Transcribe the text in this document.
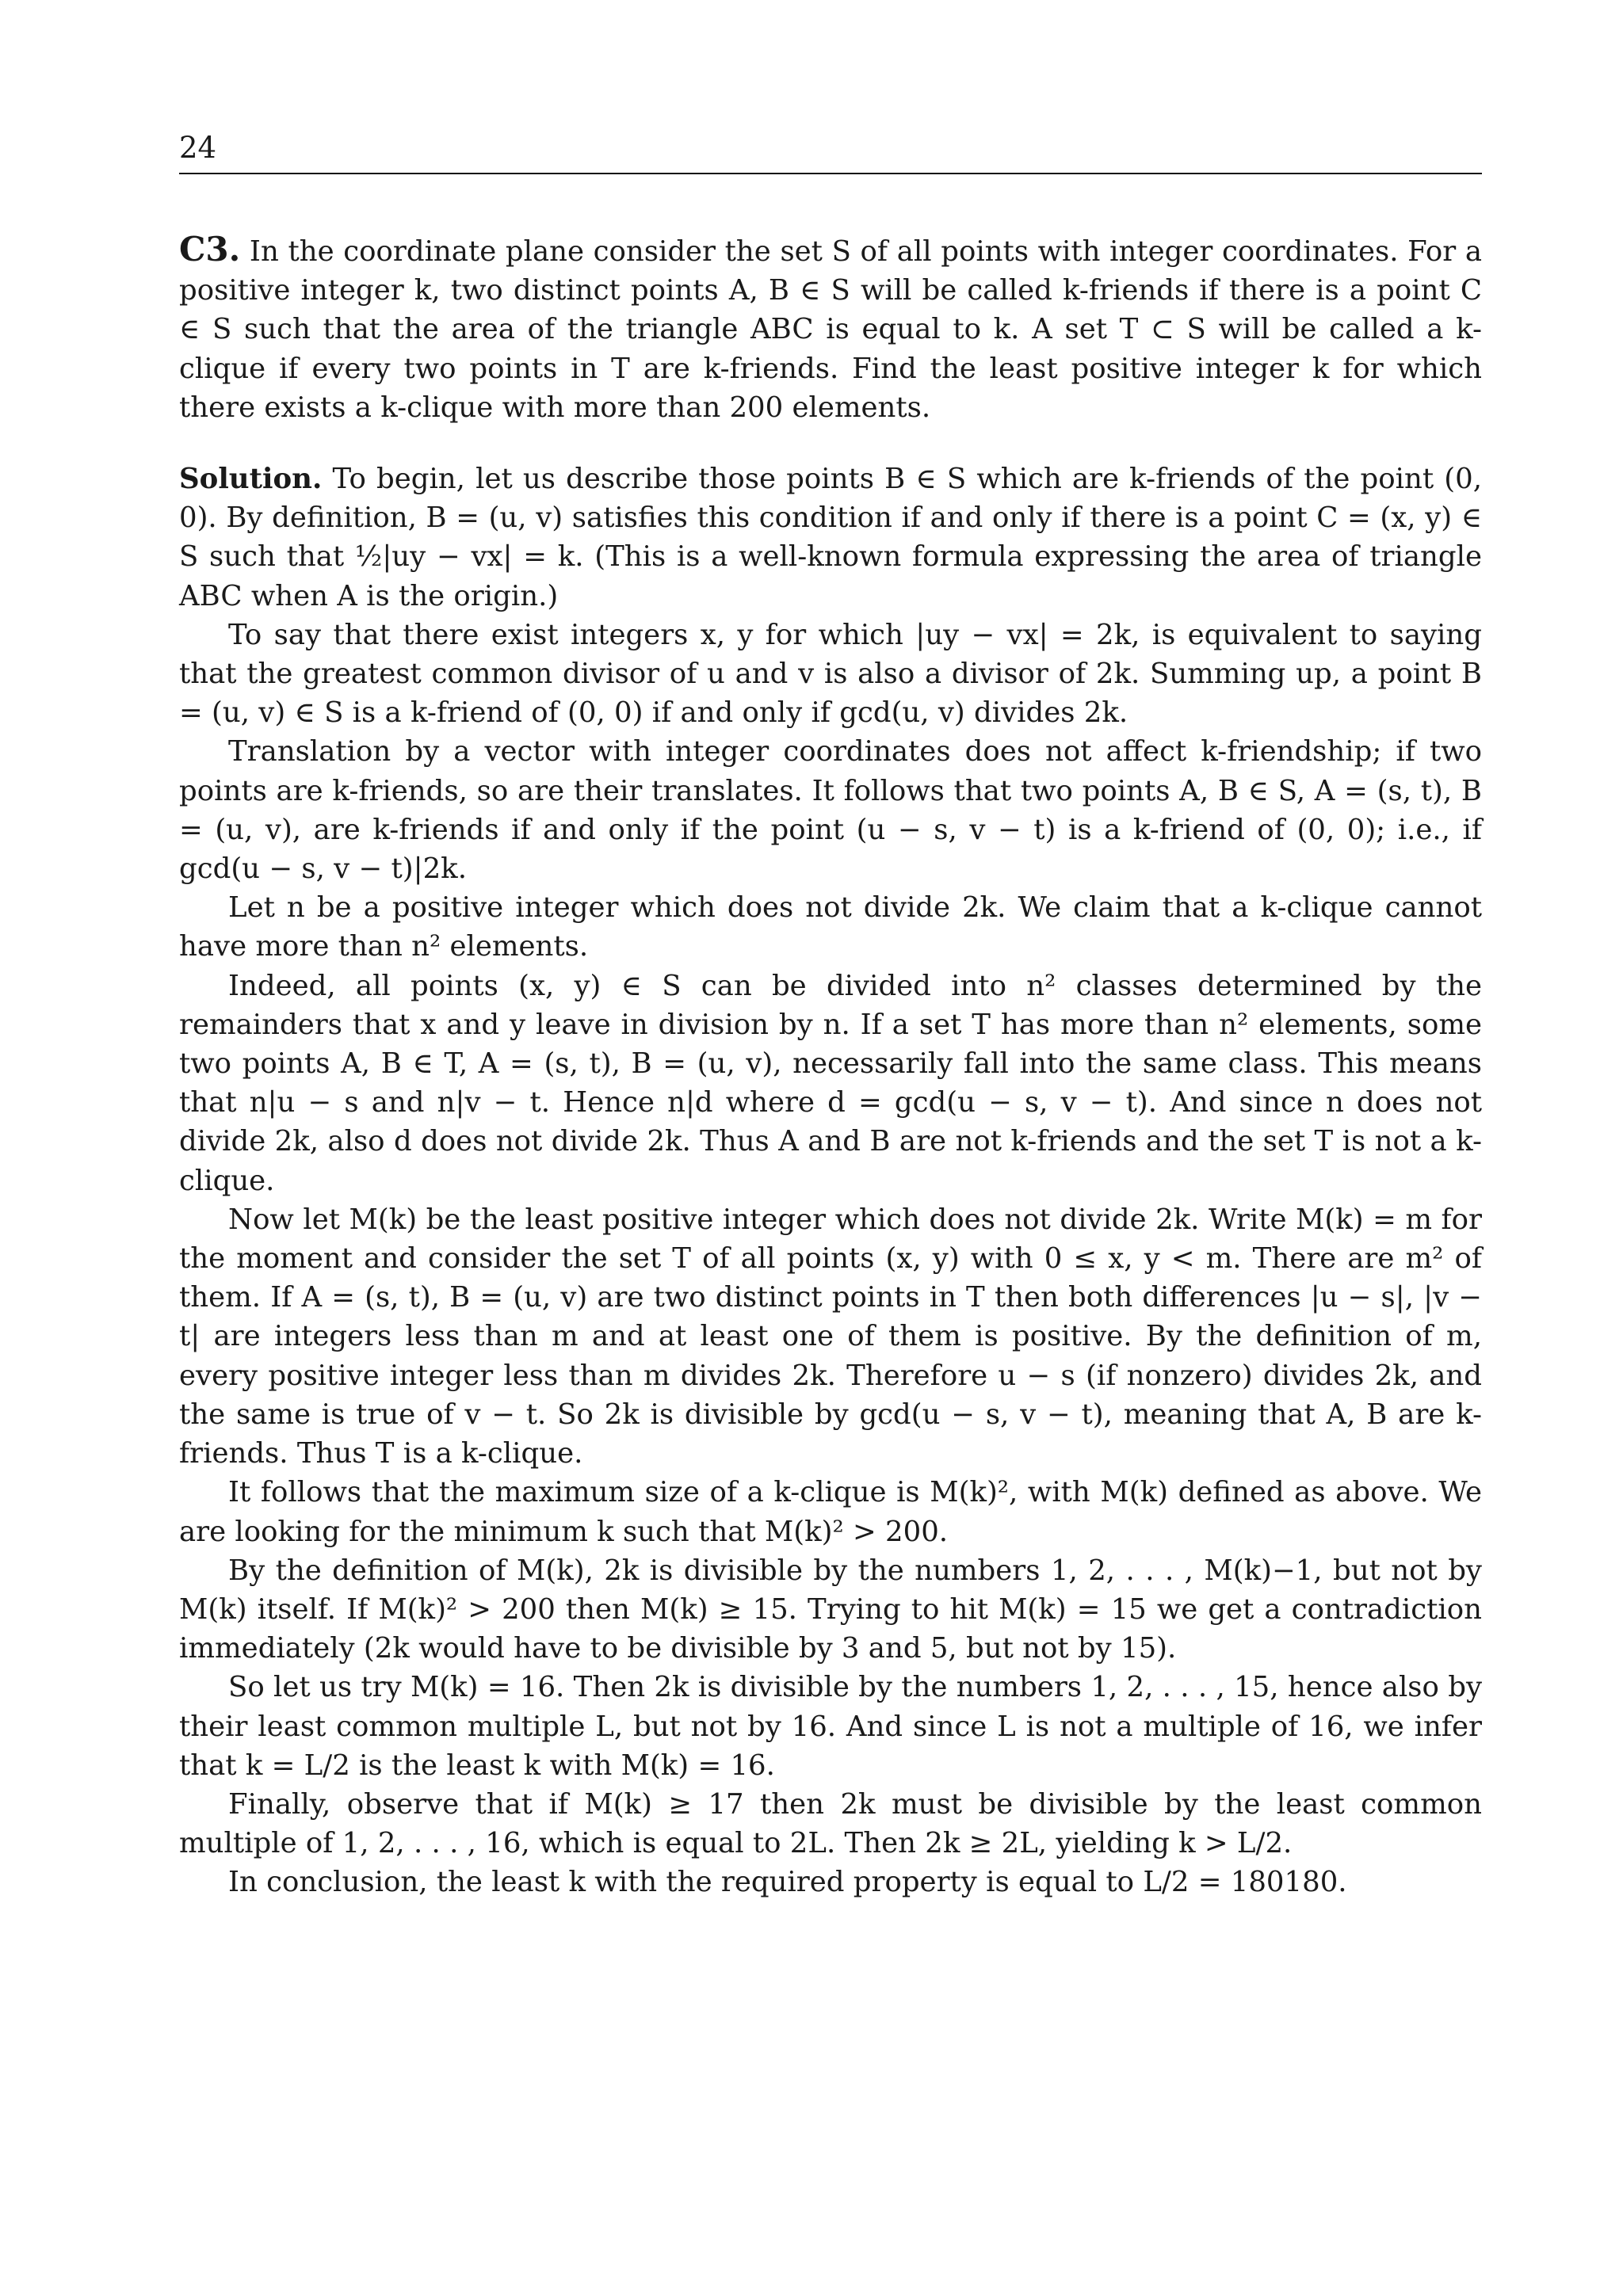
24

C3. In the coordinate plane consider the set S of all points with integer coordinates. For a positive integer k, two distinct points A, B ∈ S will be called k-friends if there is a point C ∈ S such that the area of the triangle ABC is equal to k. A set T ⊂ S will be called a k-clique if every two points in T are k-friends. Find the least positive integer k for which there exists a k-clique with more than 200 elements.

Solution. To begin, let us describe those points B ∈ S which are k-friends of the point (0, 0). By definition, B = (u, v) satisfies this condition if and only if there is a point C = (x, y) ∈ S such that ½|uy − vx| = k. (This is a well-known formula expressing the area of triangle ABC when A is the origin.)

To say that there exist integers x, y for which |uy − vx| = 2k, is equivalent to saying that the greatest common divisor of u and v is also a divisor of 2k. Summing up, a point B = (u, v) ∈ S is a k-friend of (0, 0) if and only if gcd(u, v) divides 2k.

Translation by a vector with integer coordinates does not affect k-friendship; if two points are k-friends, so are their translates. It follows that two points A, B ∈ S, A = (s, t), B = (u, v), are k-friends if and only if the point (u − s, v − t) is a k-friend of (0, 0); i.e., if gcd(u − s, v − t)|2k.

Let n be a positive integer which does not divide 2k. We claim that a k-clique cannot have more than n² elements.

Indeed, all points (x, y) ∈ S can be divided into n² classes determined by the remainders that x and y leave in division by n. If a set T has more than n² elements, some two points A, B ∈ T, A = (s, t), B = (u, v), necessarily fall into the same class. This means that n|u − s and n|v − t. Hence n|d where d = gcd(u − s, v − t). And since n does not divide 2k, also d does not divide 2k. Thus A and B are not k-friends and the set T is not a k-clique.

Now let M(k) be the least positive integer which does not divide 2k. Write M(k) = m for the moment and consider the set T of all points (x, y) with 0 ≤ x, y < m. There are m² of them. If A = (s, t), B = (u, v) are two distinct points in T then both differences |u − s|, |v − t| are integers less than m and at least one of them is positive. By the definition of m, every positive integer less than m divides 2k. Therefore u − s (if nonzero) divides 2k, and the same is true of v − t. So 2k is divisible by gcd(u − s, v − t), meaning that A, B are k-friends. Thus T is a k-clique.

It follows that the maximum size of a k-clique is M(k)², with M(k) defined as above. We are looking for the minimum k such that M(k)² > 200.

By the definition of M(k), 2k is divisible by the numbers 1, 2, . . . , M(k)−1, but not by M(k) itself. If M(k)² > 200 then M(k) ≥ 15. Trying to hit M(k) = 15 we get a contradiction immediately (2k would have to be divisible by 3 and 5, but not by 15).

So let us try M(k) = 16. Then 2k is divisible by the numbers 1, 2, . . . , 15, hence also by their least common multiple L, but not by 16. And since L is not a multiple of 16, we infer that k = L/2 is the least k with M(k) = 16.

Finally, observe that if M(k) ≥ 17 then 2k must be divisible by the least common multiple of 1, 2, . . . , 16, which is equal to 2L. Then 2k ≥ 2L, yielding k > L/2.

In conclusion, the least k with the required property is equal to L/2 = 180180.
